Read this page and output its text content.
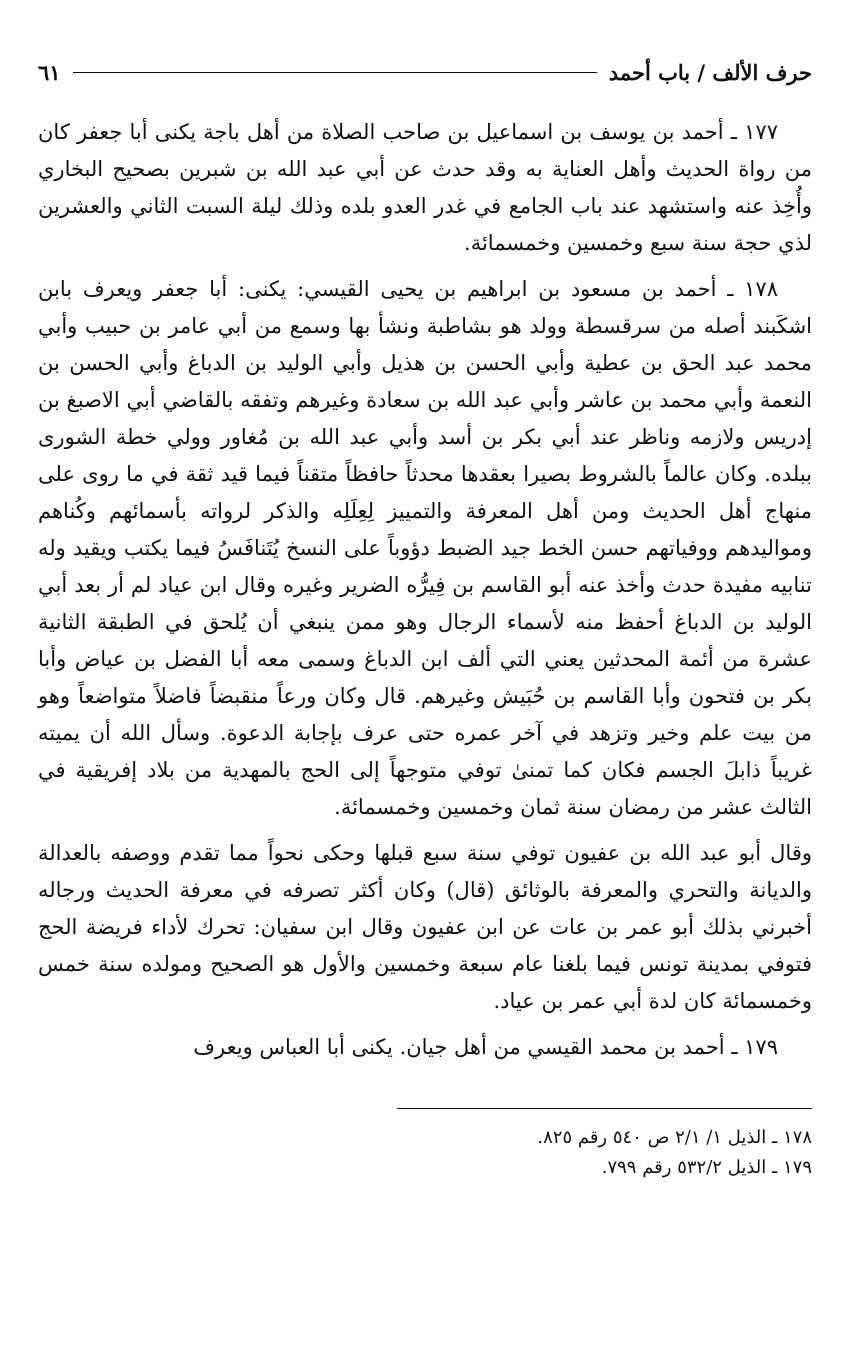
حرف الألف / باب أحمد
٦١

١٧٧ ـ أحمد بن يوسف بن اسماعيل بن صاحب الصلاة من أهل باجة يكنى أبا جعفر كان من رواة الحديث وأهل العناية به وقد حدث عن أبي عبد الله بن شبرين بصحيح البخاري وأُخِذ عنه واستشهد عند باب الجامع في غدر العدو بلده وذلك ليلة السبت الثاني والعشرين لذي حجة سنة سبع وخمسين وخمسمائة.

١٧٨ ـ أحمد بن مسعود بن ابراهيم بن يحيى القيسي: يكنى: أبا جعفر ويعرف بابن اشكَبند أصله من سرقسطة وولد هو بشاطبة ونشأ بها وسمع من أبي عامر بن حبيب وأبي محمد عبد الحق بن عطية وأبي الحسن بن هذيل وأبي الوليد بن الدباغ وأبي الحسن بن النعمة وأبي محمد بن عاشر وأبي عبد الله بن سعادة وغيرهم وتفقه بالقاضي أبي الاصبغ بن إدريس ولازمه وناظر عند أبي بكر بن أسد وأبي عبد الله بن مُغاور وولي خطة الشورى ببلده. وكان عالماً بالشروط بصيرا بعقدها محدثاً حافظاً متقناً فيما قيد ثقة في ما روى على منهاج أهل الحديث ومن أهل المعرفة والتمييز لِعِلَلِه والذكر لرواته بأسمائهم وكُناهم ومواليدهم ووفياتهم حسن الخط جيد الضبط دؤوباً على النسخ يُتَنافَسُ فيما يكتب ويقيد وله تنابيه مفيدة حدث وأخذ عنه أبو القاسم بن فِيرُّه الضرير وغيره وقال ابن عياد لم أر بعد أبي الوليد بن الدباغ أحفظ منه لأسماء الرجال وهو ممن ينبغي أن يُلحق في الطبقة الثانية عشرة من أئمة المحدثين يعني التي ألف ابن الدباغ وسمى معه أبا الفضل بن عياض وأبا بكر بن فتحون وأبا القاسم بن حُبَيش وغيرهم. قال وكان ورعاً منقبضاً فاضلاً متواضعاً وهو من بيت علم وخير وتزهد في آخر عمره حتى عرف بإجابة الدعوة. وسأل الله أن يميته غريباً ذابلَ الجسم فكان كما تمنىٰ توفي متوجهاً إلى الحج بالمهدية من بلاد إفريقية في الثالث عشر من رمضان سنة ثمان وخمسين وخمسمائة.

وقال أبو عبد الله بن عفيون توفي سنة سبع قبلها وحكى نحواً مما تقدم ووصفه بالعدالة والديانة والتحري والمعرفة بالوثائق (قال) وكان أكثر تصرفه في معرفة الحديث ورجاله أخبرني بذلك أبو عمر بن عات عن ابن عفيون وقال ابن سفيان: تحرك لأداء فريضة الحج فتوفي بمدينة تونس فيما بلغنا عام سبعة وخمسين والأول هو الصحيح ومولده سنة خمس وخمسمائة كان لدة أبي عمر بن عياد.

١٧٩ ـ أحمد بن محمد القيسي من أهل جيان. يكنى أبا العباس ويعرف

١٧٨ ـ الذيل ١/ ٢/١ ص ٥٤٠ رقم ٨٢٥.

١٧٩ ـ الذيل ٥٣٢/٢ رقم ٧٩٩.
